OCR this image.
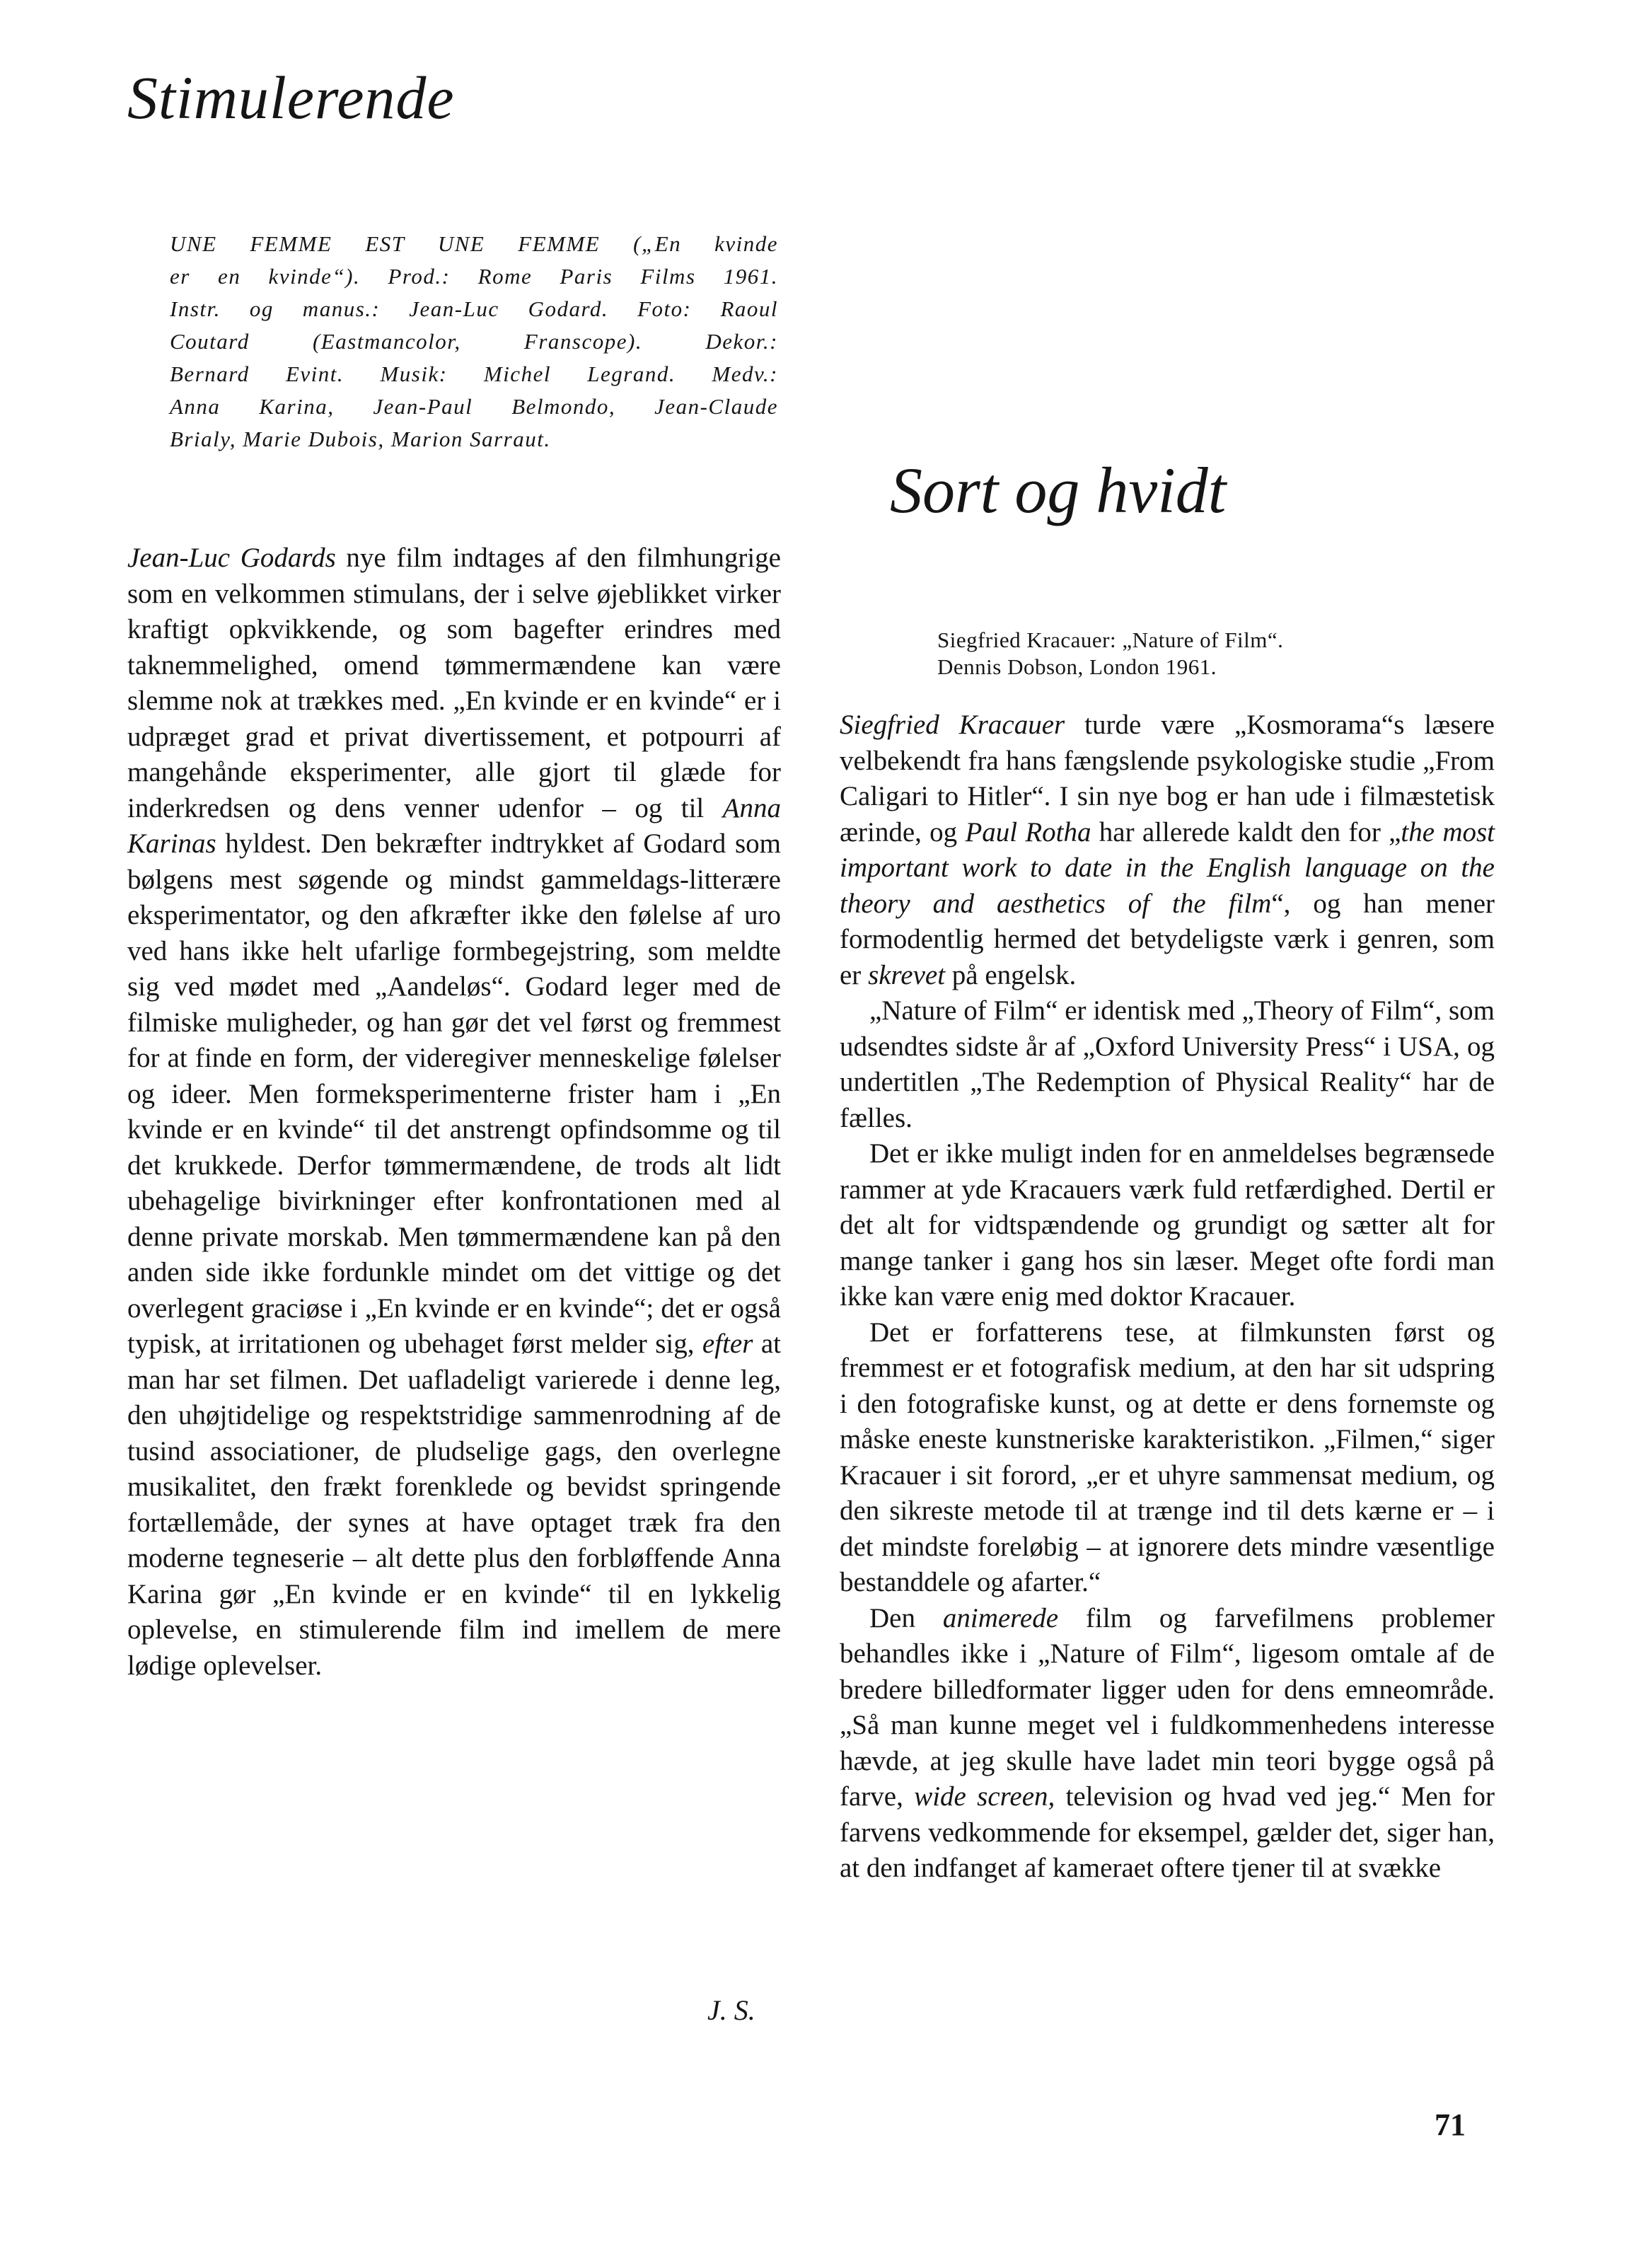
Stimulerende
UNE FEMME EST UNE FEMME („En kvinde
er en kvinde“). Prod.: Rome Paris Films 1961.
Instr. og manus.: Jean-Luc Godard. Foto: Raoul
Coutard (Eastmancolor, Franscope). Dekor.:
Bernard Evint. Musik: Michel Legrand. Medv.:
Anna Karina, Jean-Paul Belmondo, Jean-Claude
Brialy, Marie Dubois, Marion Sarraut.

Jean-Luc Godards nye film indtages af den filmhungrige som en velkommen stimulans, der i selve øjeblikket virker kraftigt opkvikkende, og som bagefter erindres med taknemmelighed, omend tømmermændene kan være slemme nok at trækkes med. „En kvinde er en kvinde“ er i udpræget grad et privat divertissement, et potpourri af mangehånde eksperimenter, alle gjort til glæde for inderkredsen og dens venner udenfor – og til Anna Karinas hyldest. Den bekræfter indtrykket af Godard som bølgens mest søgende og mindst gammeldags-litterære eksperimentator, og den afkræfter ikke den følelse af uro ved hans ikke helt ufarlige formbegejstring, som meldte sig ved mødet med „Aandeløs“. Godard leger med de filmiske muligheder, og han gør det vel først og fremmest for at finde en form, der videregiver menneskelige følelser og ideer. Men formeksperimenterne frister ham i „En kvinde er en kvinde“ til det anstrengt opfindsomme og til det krukkede. Derfor tømmermændene, de trods alt lidt ubehagelige bivirkninger efter konfrontationen med al denne private morskab. Men tømmermændene kan på den anden side ikke fordunkle mindet om det vittige og det overlegent graciøse i „En kvinde er en kvinde“; det er også typisk, at irritationen og ubehaget først melder sig, efter at man har set filmen. Det uafladeligt varierede i denne leg, den uhøjtidelige og respektstridige sammenrodning af de tusind associationer, de pludselige gags, den overlegne musikalitet, den frækt forenklede og bevidst springende fortællemåde, der synes at have optaget træk fra den moderne tegneserie – alt dette plus den forbløffende Anna Karina gør „En kvinde er en kvinde“ til en lykkelig oplevelse, en stimulerende film ind imellem de mere lødige oplevelser.

J. S.

Sort og hvidt
Siegfried Kracauer: „Nature of Film“.
Dennis Dobson, London 1961.

Siegfried Kracauer turde være „Kosmorama“s læsere velbekendt fra hans fængslende psykologiske studie „From Caligari to Hitler“. I sin nye bog er han ude i filmæstetisk ærinde, og Paul Rotha har allerede kaldt den for „the most important work to date in the English language on the theory and aesthetics of the film“, og han mener formodentlig hermed det betydeligste værk i genren, som er skrevet på engelsk.

„Nature of Film“ er identisk med „Theory of Film“, som udsendtes sidste år af „Oxford University Press“ i USA, og undertitlen „The Redemption of Physical Reality“ har de fælles.

Det er ikke muligt inden for en anmeldelses begrænsede rammer at yde Kracauers værk fuld retfærdighed. Dertil er det alt for vidtspændende og grundigt og sætter alt for mange tanker i gang hos sin læser. Meget ofte fordi man ikke kan være enig med doktor Kracauer.

Det er forfatterens tese, at filmkunsten først og fremmest er et fotografisk medium, at den har sit udspring i den fotografiske kunst, og at dette er dens fornemste og måske eneste kunstneriske karakteristikon. „Filmen,“ siger Kracauer i sit forord, „er et uhyre sammensat medium, og den sikreste metode til at trænge ind til dets kærne er – i det mindste foreløbig – at ignorere dets mindre væsentlige bestanddele og afarter.“

Den animerede film og farvefilmens problemer behandles ikke i „Nature of Film“, ligesom omtale af de bredere billedformater ligger uden for dens emneområde. „Så man kunne meget vel i fuldkommenhedens interesse hævde, at jeg skulle have ladet min teori bygge også på farve, wide screen, television og hvad ved jeg.“ Men for farvens vedkommende for eksempel, gælder det, siger han, at den indfanget af kameraet oftere tjener til at svække

71
